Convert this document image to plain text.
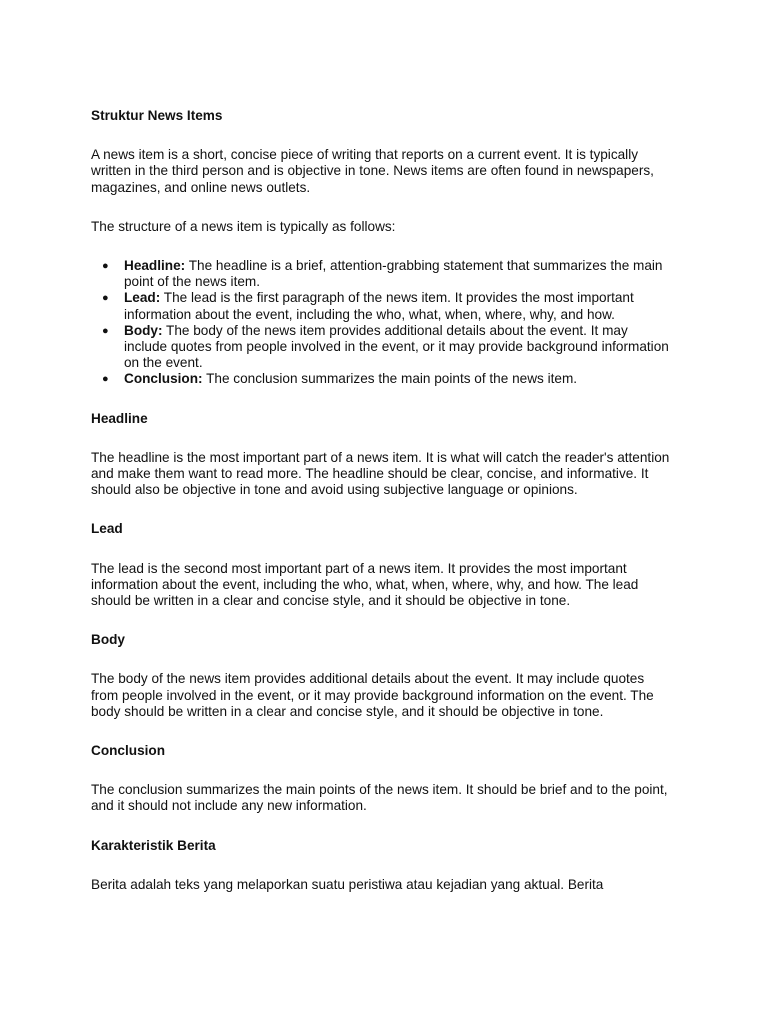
Struktur News Items

A news item is a short, concise piece of writing that reports on a current event. It is typically written in the third person and is objective in tone. News items are often found in newspapers, magazines, and online news outlets.

The structure of a news item is typically as follows:

● Headline: The headline is a brief, attention-grabbing statement that summarizes the main point of the news item.
● Lead: The lead is the first paragraph of the news item. It provides the most important information about the event, including the who, what, when, where, why, and how.
● Body: The body of the news item provides additional details about the event. It may include quotes from people involved in the event, or it may provide background information on the event.
● Conclusion: The conclusion summarizes the main points of the news item.

Headline

The headline is the most important part of a news item. It is what will catch the reader's attention and make them want to read more. The headline should be clear, concise, and informative. It should also be objective in tone and avoid using subjective language or opinions.

Lead

The lead is the second most important part of a news item. It provides the most important information about the event, including the who, what, when, where, why, and how. The lead should be written in a clear and concise style, and it should be objective in tone.

Body

The body of the news item provides additional details about the event. It may include quotes from people involved in the event, or it may provide background information on the event. The body should be written in a clear and concise style, and it should be objective in tone.

Conclusion

The conclusion summarizes the main points of the news item. It should be brief and to the point, and it should not include any new information.

Karakteristik Berita

Berita adalah teks yang melaporkan suatu peristiwa atau kejadian yang aktual. Berita
